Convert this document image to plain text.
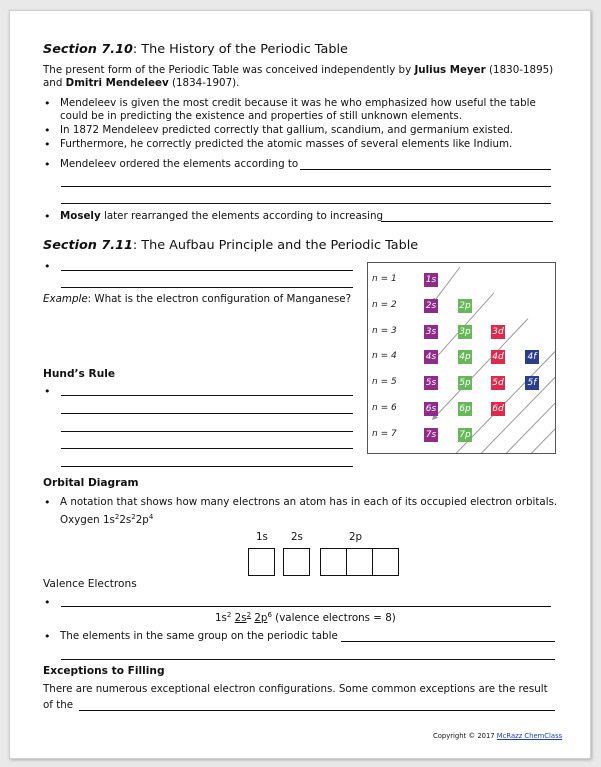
Section 7.10: The History of the Periodic Table
The present form of the Periodic Table was conceived independently by Julius Meyer (1830-1895)
and Dmitri Mendeleev (1834-1907).
• Mendeleev is given the most credit because it was he who emphasized how useful the table
could be in predicting the existence and properties of still unknown elements.
• In 1872 Mendeleev predicted correctly that gallium, scandium, and germanium existed.
• Furthermore, he correctly predicted the atomic masses of several elements like Indium.
• Mendeleev ordered the elements according to
• Mosely later rearranged the elements according to increasing
Section 7.11: The Aufbau Principle and the Periodic Table
•
Example: What is the electron configuration of Manganese?
Hund’s Rule
•
n = 1	1s
n = 2	2s	2p
n = 3	3s	3p 3d
n = 4	4s	4p 4d	4f
n = 5	5s	5p 5d	5f
n = 6	6s	6p 6d
n = 7	7s	7p
Orbital Diagram
• A notation that shows how many electrons an atom has in each of its occupied electron orbitals.
Oxygen $1s^22s^22p^4$
1s 2s	2p
Valence Electrons
•
$1s^2$ $2s^2$ $2p^6$ (valence electrons = 8)
• The elements in the same group on the periodic table
Exceptions to Filling
There are numerous exceptional electron configurations. Some common exceptions are the result
of the
Copyright © 2017 McRazz ChemClass
